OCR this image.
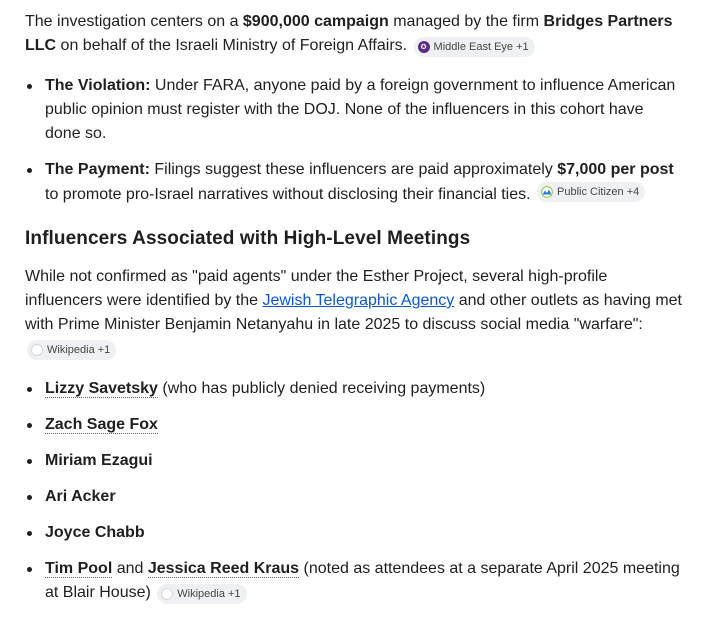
The investigation centers on a $900,000 campaign managed by the firm Bridges Partners LLC on behalf of the Israeli Ministry of Foreign Affairs.	✪ Middle East Eye +1

The Violation: Under FARA, anyone paid by a foreign government to influence American public opinion must register with the DOJ. None of the influencers in this cohort have done so.
The Payment: Filings suggest these influencers are paid approximately $7,000 per post to promote pro-Israel narratives without disclosing their financial ties. Public Citizen +4
Influencers Associated with High-Level Meetings

While not confirmed as "paid agents" under the Esther Project, several high-profile influencers were identified by the Jewish Telegraphic Agency and other outlets as having met with Prime Minister Benjamin Netanyahu in late 2025 to discuss social media "warfare":
W Wikipedia +1

Lizzy Savetsky (who has publicly denied receiving payments)
Zach Sage Fox
Miriam Ezagui
Ari Acker
Joyce Chabb
Tim Pool and Jessica Reed Kraus (noted as attendees at a separate April 2025 meeting at Blair House)	W Wikipedia +1
